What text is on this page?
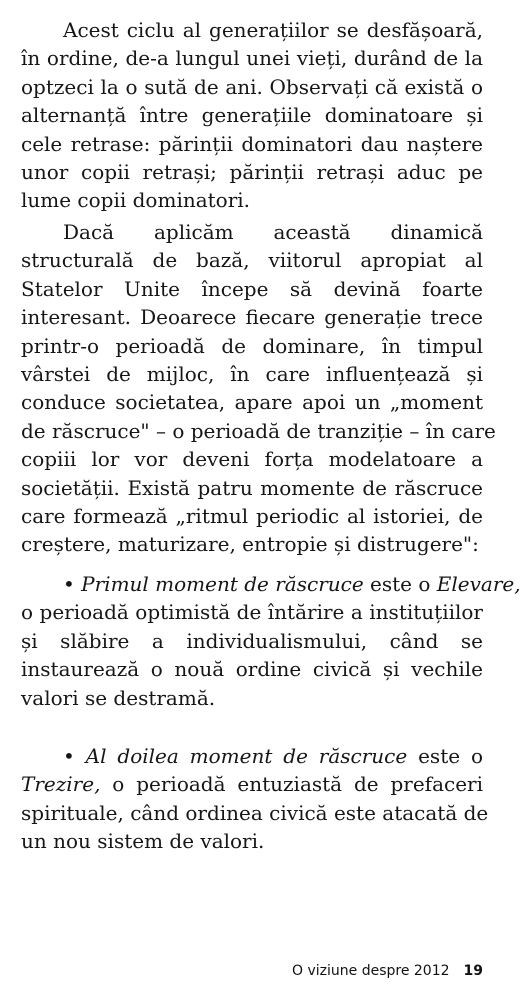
Acest ciclu al generațiilor se desfășoară,
în ordine, de-a lungul unei vieți, durând de la
optzeci la o sută de ani. Observați că există o
alternanță între generațiile dominatoare și
cele retrase: părinții dominatori dau naștere
unor copii retrași; părinții retrași aduc pe
lume copii dominatori.

Dacă aplicăm această dinamică
structurală de bază, viitorul apropiat al
Statelor Unite începe să devină foarte
interesant. Deoarece fiecare generație trece
printr-o perioadă de dominare, în timpul
vârstei de mijloc, în care influențează și
conduce societatea, apare apoi un „moment
de răscruce" – o perioadă de tranziție – în care
copiii lor vor deveni forța modelatoare a
societății. Există patru momente de răscruce
care formează „ritmul periodic al istoriei, de
creștere, maturizare, entropie și distrugere":

• Primul moment de răscruce este o Elevare,
o perioadă optimistă de întărire a instituțiilor
și slăbire a individualismului, când se
instaurează o nouă ordine civică și vechile
valori se destramă.

• Al doilea moment de răscruce este o
Trezire, o perioadă entuziastă de prefaceri
spirituale, când ordinea civică este atacată de
un nou sistem de valori.

O viziune despre 2012 19
